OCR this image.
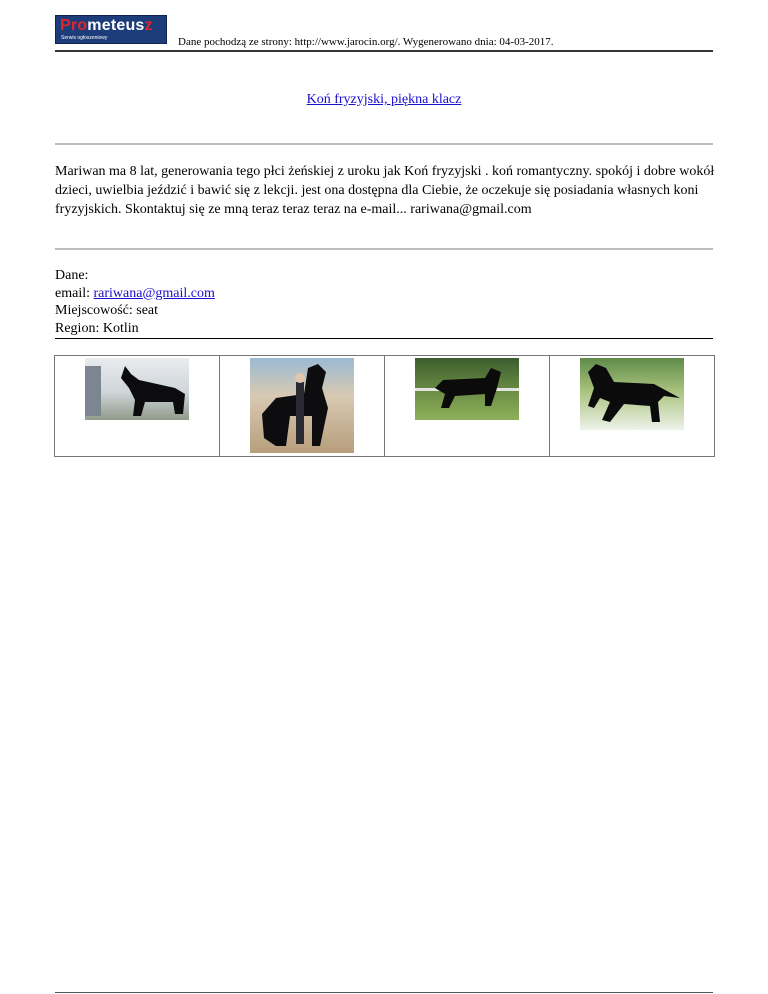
Prometeusz
Serwis ogłoszeniowy	Dane pochodzą ze strony: http://www.jarocin.org/. Wygenerowano dnia: 04-03-2017.
Koń fryzyjski, piękna klacz

Mariwan ma 8 lat, generowania tego płci żeńskiej z uroku jak Koń fryzyjski . koń romantyczny. spokój i dobre wokół dzieci, uwielbia jeździć i bawić się z lekcji. jest ona dostępna dla Ciebie, że oczekuje się posiadania własnych koni fryzyjskich. Skontaktuj się ze mną teraz teraz teraz na e-mail... rariwana@gmail.com

Dane:
email: rariwana@gmail.com
Miejscowość: seat
Region: Kotlin
